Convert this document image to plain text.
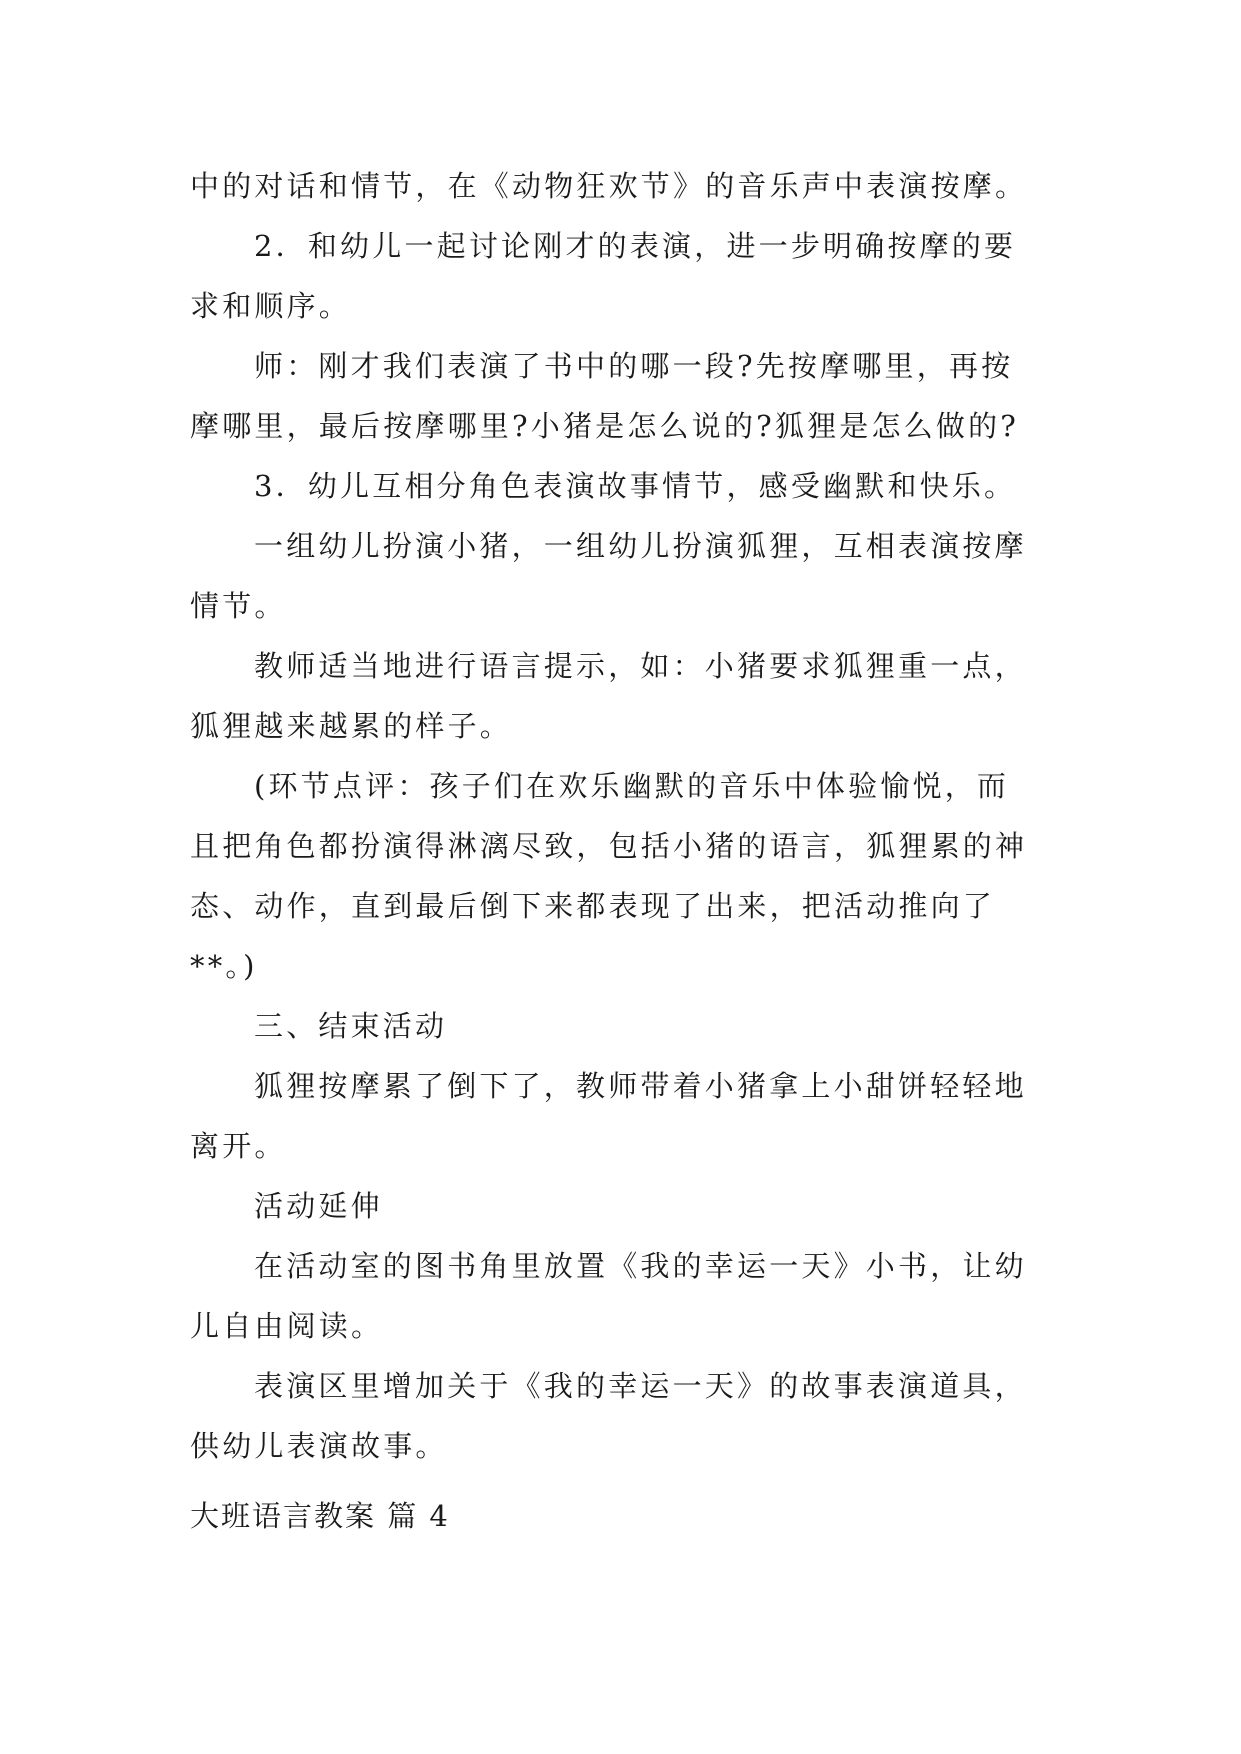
中的对话和情节，在《动物狂欢节》的音乐声中表演按摩。

2．和幼儿一起讨论刚才的表演，进一步明确按摩的要

求和顺序。

师：刚才我们表演了书中的哪一段?先按摩哪里，再按

摩哪里，最后按摩哪里?小猪是怎么说的?狐狸是怎么做的?

3．幼儿互相分角色表演故事情节，感受幽默和快乐。

一组幼儿扮演小猪，一组幼儿扮演狐狸，互相表演按摩

情节。

教师适当地进行语言提示，如：小猪要求狐狸重一点，

狐狸越来越累的样子。

(环节点评：孩子们在欢乐幽默的音乐中体验愉悦，而

且把角色都扮演得淋漓尽致，包括小猪的语言，狐狸累的神

态、动作，直到最后倒下来都表现了出来，把活动推向了

**。)

三、结束活动

狐狸按摩累了倒下了，教师带着小猪拿上小甜饼轻轻地

离开。

活动延伸

在活动室的图书角里放置《我的幸运一天》小书，让幼

儿自由阅读。

表演区里增加关于《我的幸运一天》的故事表演道具，

供幼儿表演故事。

大班语言教案 篇 4
